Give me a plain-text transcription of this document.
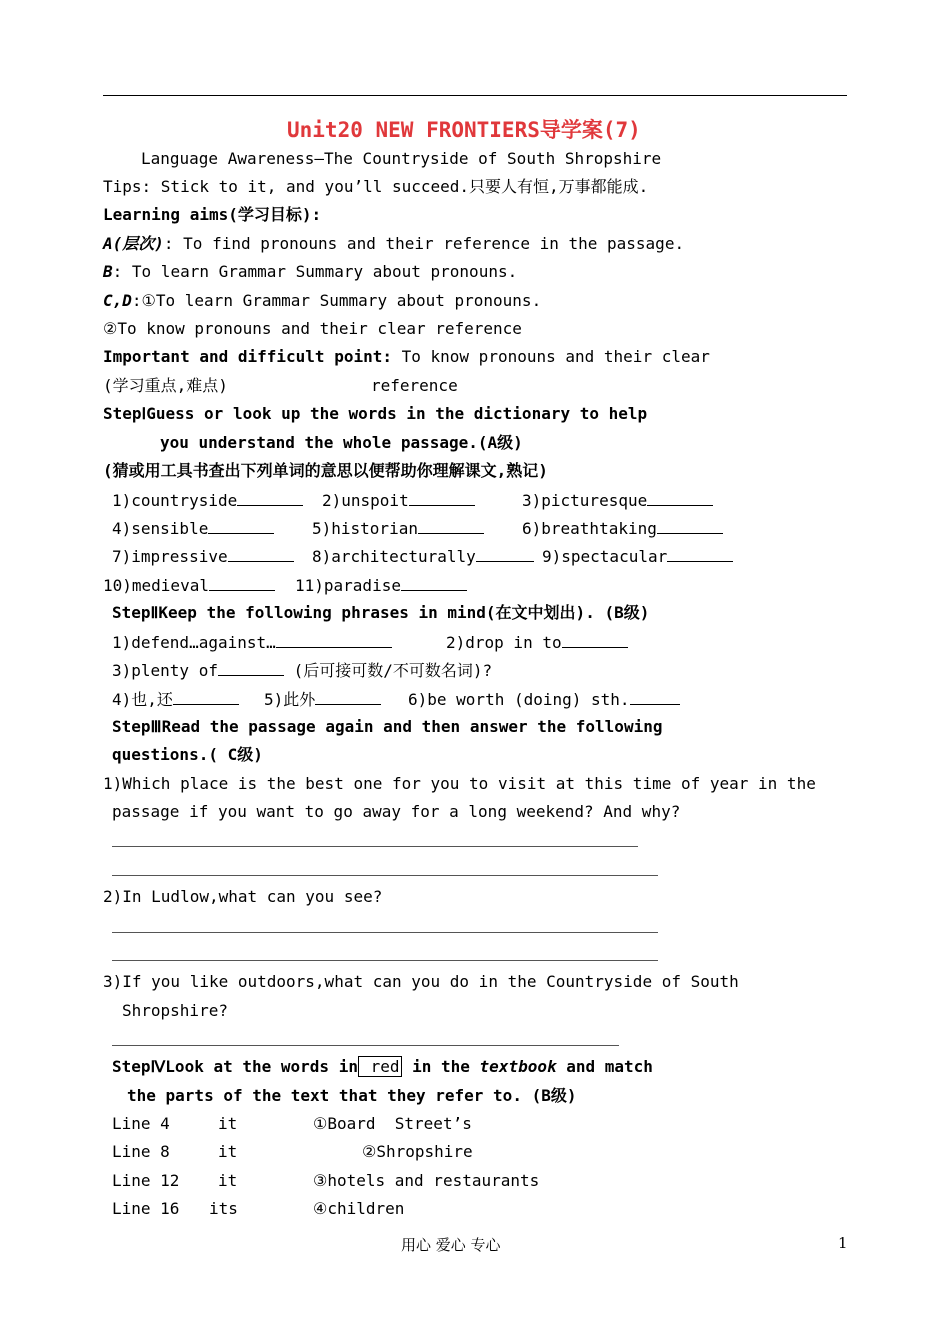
Unit20 NEW FRONTIERS导学案(7)
Language Awareness—The Countryside of South Shropshire
Tips: Stick to it, and you’ll succeed.只要人有恒,万事都能成.
Learning aims(学习目标):
A(层次): To find pronouns and their reference in the passage.
B: To learn Grammar Summary about pronouns.
C,D:①To learn Grammar Summary about pronouns.
②To know pronouns and their clear reference
Important and difficult point: To know pronouns and their clear
(学习重点,难点)	reference
StepⅠGuess or look up the words in the dictionary to help
you understand the whole passage.(A级)
(猜或用工具书查出下列单词的意思以便帮助你理解课文,熟记)
1)countryside	2)unspoit	3)picturesque
4)sensible	5)historian	6)breathtaking
7)impressive	8)architecturally	9)spectacular
10)medieval	11)paradise
StepⅡKeep the following phrases in mind(在文中划出). (B级)
1)defend…against…	2)drop in to
3)plenty of	(后可接可数/不可数名词)?
4)也,还	5)此外	6)be worth (doing) sth.
StepⅢRead the passage again and then answer the following
questions.( C级)
1)Which place is the best one for you to visit at this time of year in the
passage if you want to go away for a long weekend? And why?
2)In Ludlow,what can you see?
3)If you like outdoors,what can you do in the Countryside of South
Shropshire?
StepⅣLook at the words in red in the textbook and match
the parts of the text that they refer to. (B级)
Line 4	it	①Board  Street’s
Line 8	it	②Shropshire
Line 12 it	③hotels and restaurants
Line 16 its	④children
用心 爱心 专心	1
